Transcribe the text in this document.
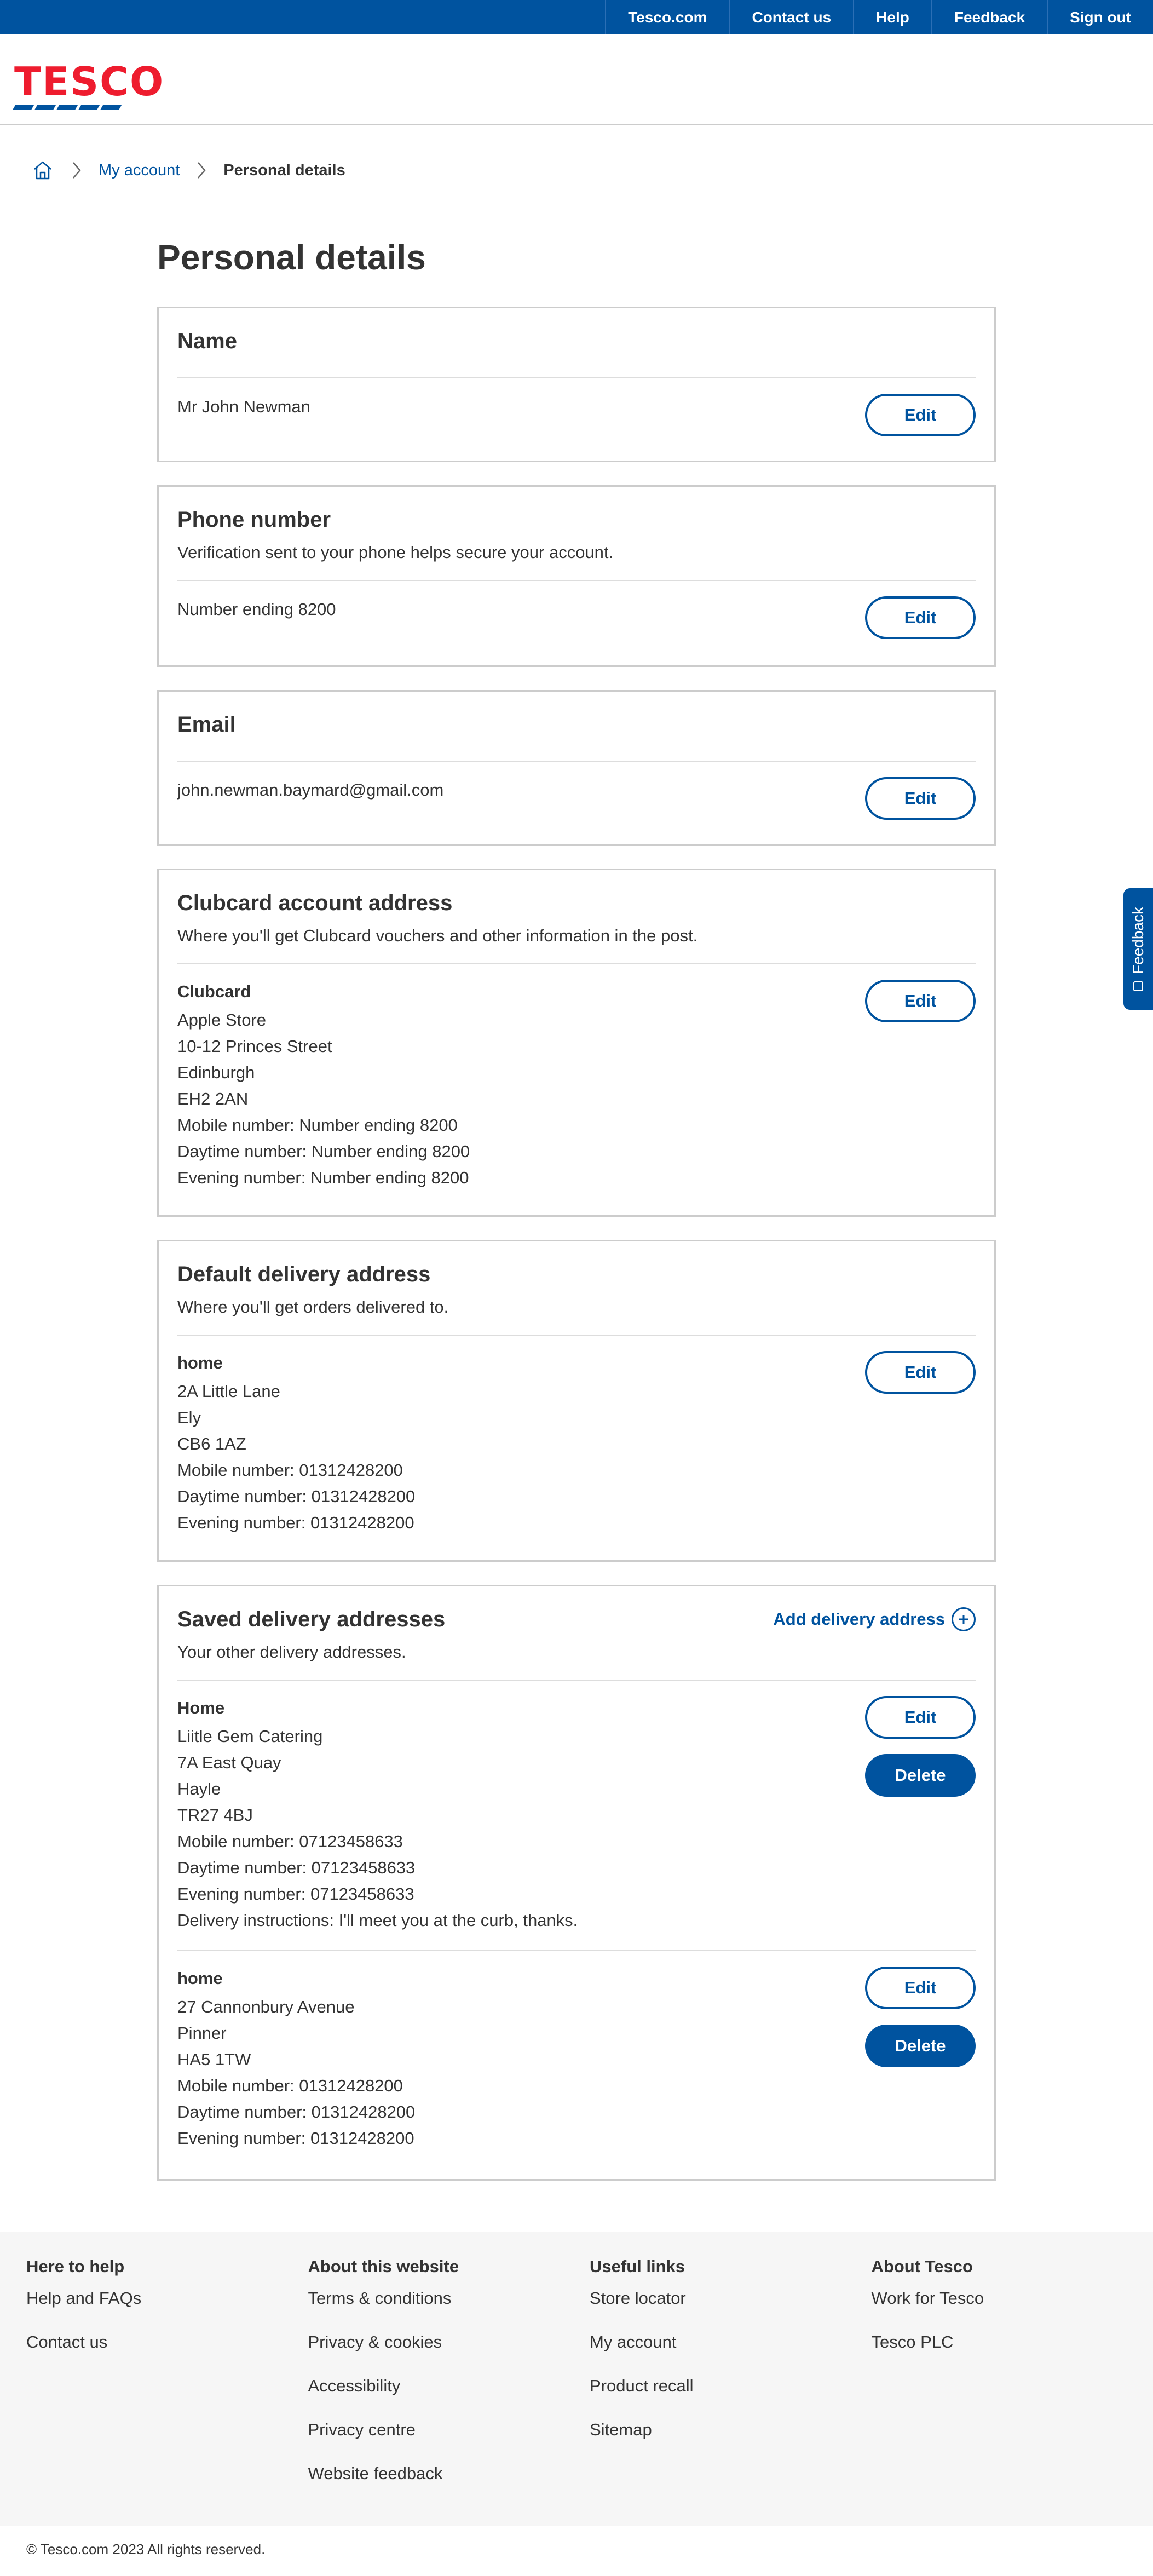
Tesco.com	Contact us	Help	Feedback	Sign out
TESCO
My account	Personal details
Personal details
Name
Mr John Newman	Edit
Phone number
Verification sent to your phone helps secure your account.
Number ending 8200	Edit
Email
john.newman.baymard@gmail.com	Edit
Clubcard account address
Where you'll get Clubcard vouchers and other information in the post.
Clubcard
Apple Store
10-12 Princes Street
Edinburgh
EH2 2AN
Mobile number: Number ending 8200
Daytime number: Number ending 8200
Evening number: Number ending 8200
Edit
Default delivery address
Where you'll get orders delivered to.
home
2A Little Lane
Ely
CB6 1AZ
Mobile number: 01312428200
Daytime number: 01312428200
Evening number: 01312428200
Edit
Saved delivery addresses	Add delivery address
Your other delivery addresses.
Home
Liitle Gem Catering
7A East Quay
Hayle
TR27 4BJ
Mobile number: 07123458633
Daytime number: 07123458633
Evening number: 07123458633
Delivery instructions: I'll meet you at the curb, thanks.
Edit
Delete
home
27 Cannonbury Avenue
Pinner
HA5 1TW
Mobile number: 01312428200
Daytime number: 01312428200
Evening number: 01312428200
Edit
Delete
Feedback
Here to help
Help and FAQs
Contact us
About this website
Terms & conditions
Privacy & cookies
Accessibility
Privacy centre
Website feedback
Useful links
Store locator
My account
Product recall
Sitemap
About Tesco
Work for Tesco
Tesco PLC
© Tesco.com 2023 All rights reserved.
